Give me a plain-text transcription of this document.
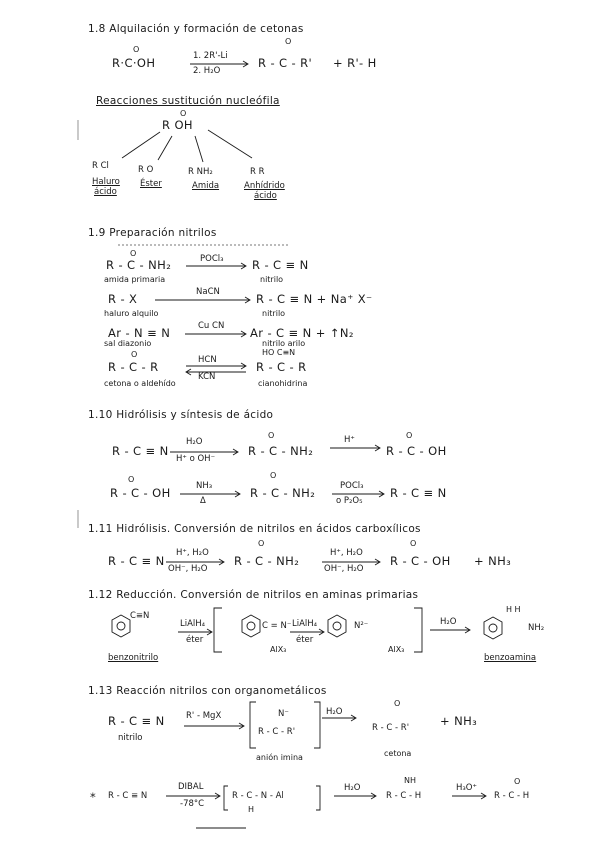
1.8 Alquilación y formación de cetonas
R·C·OH
O
1. 2R'-Li
2. H₂O
O
R - C - R' + R'- H
Reacciones sustitución nucleófila
O
R OH
R Cl	R O	R NH₂	R R
Haluro
ácido
Éster	Amida	Anhídrido
ácido
1.9 Preparación nitrilos
O
R - C - NH₂	POCl₃ R - C ≡ N
amida primaria	nitrilo
R - X	NaCN	R - C ≡ N + Na⁺ X⁻
haluro alquilo	nitrilo
Ar - N ≡ N	Cu CN Ar - C ≡ N + ↑N₂
sal diazonio	nitrilo arilo
HO C≡N
O
R - C - R	HCN
KCN
R - C - R
cetona o aldehído	cianohidrina
1.10 Hidrólisis y síntesis de ácido
R - C ≡ N
H₂O
H⁺ o OH⁻
O
R - C - NH₂
H⁺	O
R - C - OH
O
R - C - OH	NH₃
Δ
O
R - C - NH₂	POCl₃
o P₂O₅
R - C ≡ N
1.11 Hidrólisis. Conversión de nitrilos en ácidos carboxílicos
R - C ≡ N
H⁺, H₂O
OH⁻, H₂O
O
R - C - NH₂
H⁺, H₂O
OH⁻, H₂O
O
R - C - OH + NH₃
1.12 Reducción. Conversión de nitrilos en aminas primarias
C≡N
LiAlH₄
éter
C = N⁻
AlX₃
LiAlH₄
éter
N²⁻
AlX₃
H₂O
H H
NH₂
benzonitrilo	benzoamina
1.13 Reacción nitrilos con organometálicos
R - C ≡ N
nitrilo
R' - MgX	N⁻
R - C - R'
anión imina
H₂O
O
R - C - R'	+ NH₃
cetona
* R - C ≡ N
DIBAL
-78°C
R - C - N - Al
H
H₂O
NH
R - C - H
H₃O⁺
O
R - C - H
